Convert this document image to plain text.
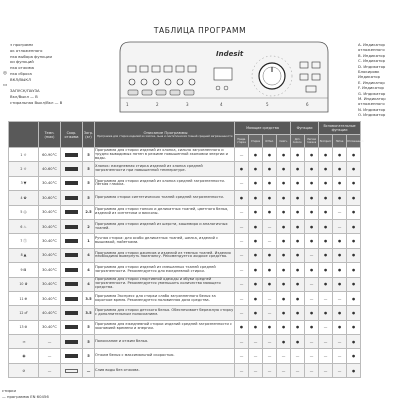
ТАБЛИЦА ПРОГРАММ
з программ
ок отложенного
пка выбора функции
ки функций
пка отжима
◎ пка сброса
ВКЛ/ВЫКЛ
▭
ЗАПУСК/ПАУЗА
Вкл/Выкл — В
стиральная Выкл/Вкл — В
A. Индикатор
отложенного
B. Индикатор
C. Индикатор
D. Индикатор
Блокировк
Индикатор
E. Индикатор
F. Индикатор
G. Индикатор
M. Индикатор
отложенного
N. Индикатор
O. Индикатор
Indesit
1	2	3	4	5	6
	Темп. (max)	Скор. отжима	Загр. (кг)	Описание Программы
Программа для стирки изделий из хлопка, льна и синтетических тканей средней загрязненности	Моющие средства				Функции		Вспомогательные функции		
					Предв. стирка	Стирка	Отбел.	Смягч.	Доп. полоск.	Легкая глажка	Экспресс	Пятна	Отложенный
1☼	60-90°C		5	Программа для стирки изделий из хлопка, сильно загрязненного и трудно выводимых пятен в режиме повышенной экономии энергии и воды.	—	●	●	●	●	●	●	●	●
2☼	40-60°C		5	Хлопок: ежедневная стирка изделий из хлопка средней загрязненности при повышенной температуре.	●	●	●	●	●	●	●	●	●
3▼	30-40°C		5	Программа для стирки изделий из хлопка средней загрязненности. Легкая глажка.	—	●	●	●	●	●	●	●	●
4✿	30-60°C		5	Программа стирки синтетических тканей средней загрязненности.	●	●	●	●	●	●	●	●	●
5◎	30-40°C		2.5	Программа для стирки тонких и деликатных тканей, цветного белья, изделий из синтетики и вискозы.	—	●	●	●	●	●	●	—	●
6♨	30-40°C		2	Программа для стирки изделий из шерсти, кашемира и аналогичных тканей.	—	●	—	●	●	●	●	—	●
7Ⓣ	30-40°C		1	Ручная стирка: для особо деликатных тканей, шелка, изделий с вышивкой, пайетками.	—	●	—	●	●	●	●	●	●
8▲	30-40°C		4	Программа для стирки джинсов и изделий из темных тканей. Изделия необходимо вывернуть наизнанку. Рекомендуется жидкое средство.	—	●	●	●	●	—	●	●	●
9⊠	30-40°C		4	Программа для стирки изделий из смешанных тканей средней загрязненности. Рекомендуется для ежедневной стирки.	—	●	●	●	●	●	●	●	●
10♛	30-40°C		4	Программа для стирки спортивной одежды и обуви средней загрязненности. Рекомендуется уменьшить количество моющего средства.	—	●	●	●	●	—	●	●	●
11⊕	30-40°C		3.5	Программа Экспресс для стирки слабо загрязненного белья за короткое время. Рекомендуется половинная доза средства.	—	●	—	●	●	—	—	—	●
12♂	40-40°C		3.5	Программа для стирки детского белья. Обеспечивает бережную стирку с дополнительным полосканием.	—	●	—	●	●	●	●	●	●
13⊛	30-40°C		5	Программа для ежедневной стирки изделий средней загрязненности с экономией времени и энергии.	●	●	●	●	●	●	—	●	●
♒	—		5	Полоскание и отжим белья.	—	—	—	●	●	—	—	—	●
◉	—		5	Отжим белья с максимальной скоростью.	—	—	—	—	—	—	—	—	●
⊘	—		—	Слив воды без отжима.	—	—	—	—	—	—	—	—	●
стирки
— программа EN 60456
